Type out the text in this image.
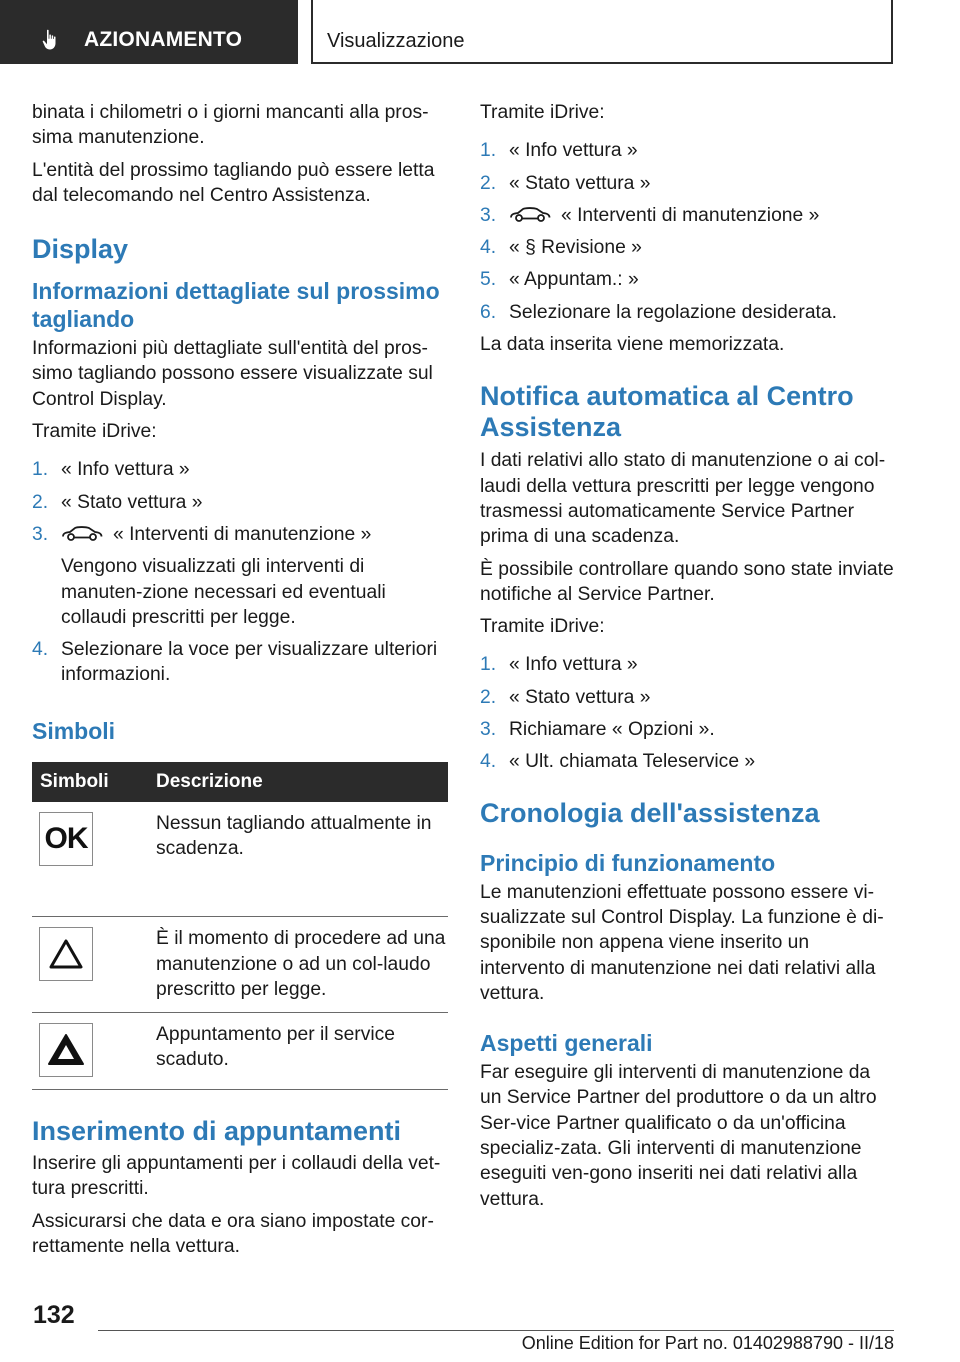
AZIONAMENTO	Visualizzazione

binata i chilometri o i giorni mancanti alla pros-sima manutenzione.

L'entità del prossimo tagliando può essere letta dal telecomando nel Centro Assistenza.

Display
Informazioni dettagliate sul prossimo tagliando

Informazioni più dettagliate sull'entità del pros-simo tagliando possono essere visualizzate sul Control Display.

Tramite iDrive:

1. « Info vettura »
2. « Stato vettura »
3.	« Interventi di manutenzione »
Vengono visualizzati gli interventi di manuten-zione necessari ed eventuali collaudi prescritti per legge.
4. Selezionare la voce per visualizzare ulteriori informazioni.
Simboli
Simboli	Descrizione

OK	Nessun tagliando attualmente in scadenza.

	È il momento di procedere ad una manutenzione o ad un col-laudo prescritto per legge.

	Appuntamento per il service scaduto.
Inserimento di appuntamenti

Inserire gli appuntamenti per i collaudi della vet-tura prescritti.

Assicurarsi che data e ora siano impostate cor-rettamente nella vettura.

Tramite iDrive:

1. « Info vettura »
2. « Stato vettura »
3.	« Interventi di manutenzione »
4. « § Revisione »
5. « Appuntam.: »
6. Selezionare la regolazione desiderata.

La data inserita viene memorizzata.

Notifica automatica al Centro Assistenza

I dati relativi allo stato di manutenzione o ai col-laudi della vettura prescritti per legge vengono trasmessi automaticamente Service Partner prima di una scadenza.

È possibile controllare quando sono state inviate notifiche al Service Partner.

Tramite iDrive:

1. « Info vettura »
2. « Stato vettura »
3. Richiamare « Opzioni ».
4. « Ult. chiamata Teleservice »
Cronologia dell'assistenza
Principio di funzionamento

Le manutenzioni effettuate possono essere vi-sualizzate sul Control Display. La funzione è di-sponibile non appena viene inserito un intervento di manutenzione nei dati relativi alla vettura.

Aspetti generali

Far eseguire gli interventi di manutenzione da un Service Partner del produttore o da un altro Ser-vice Partner qualificato o da un'officina specializ-zata. Gli interventi di manutenzione eseguiti ven-gono inseriti nei dati relativi alla vettura.

132
Online Edition for Part no. 01402988790 - II/18
